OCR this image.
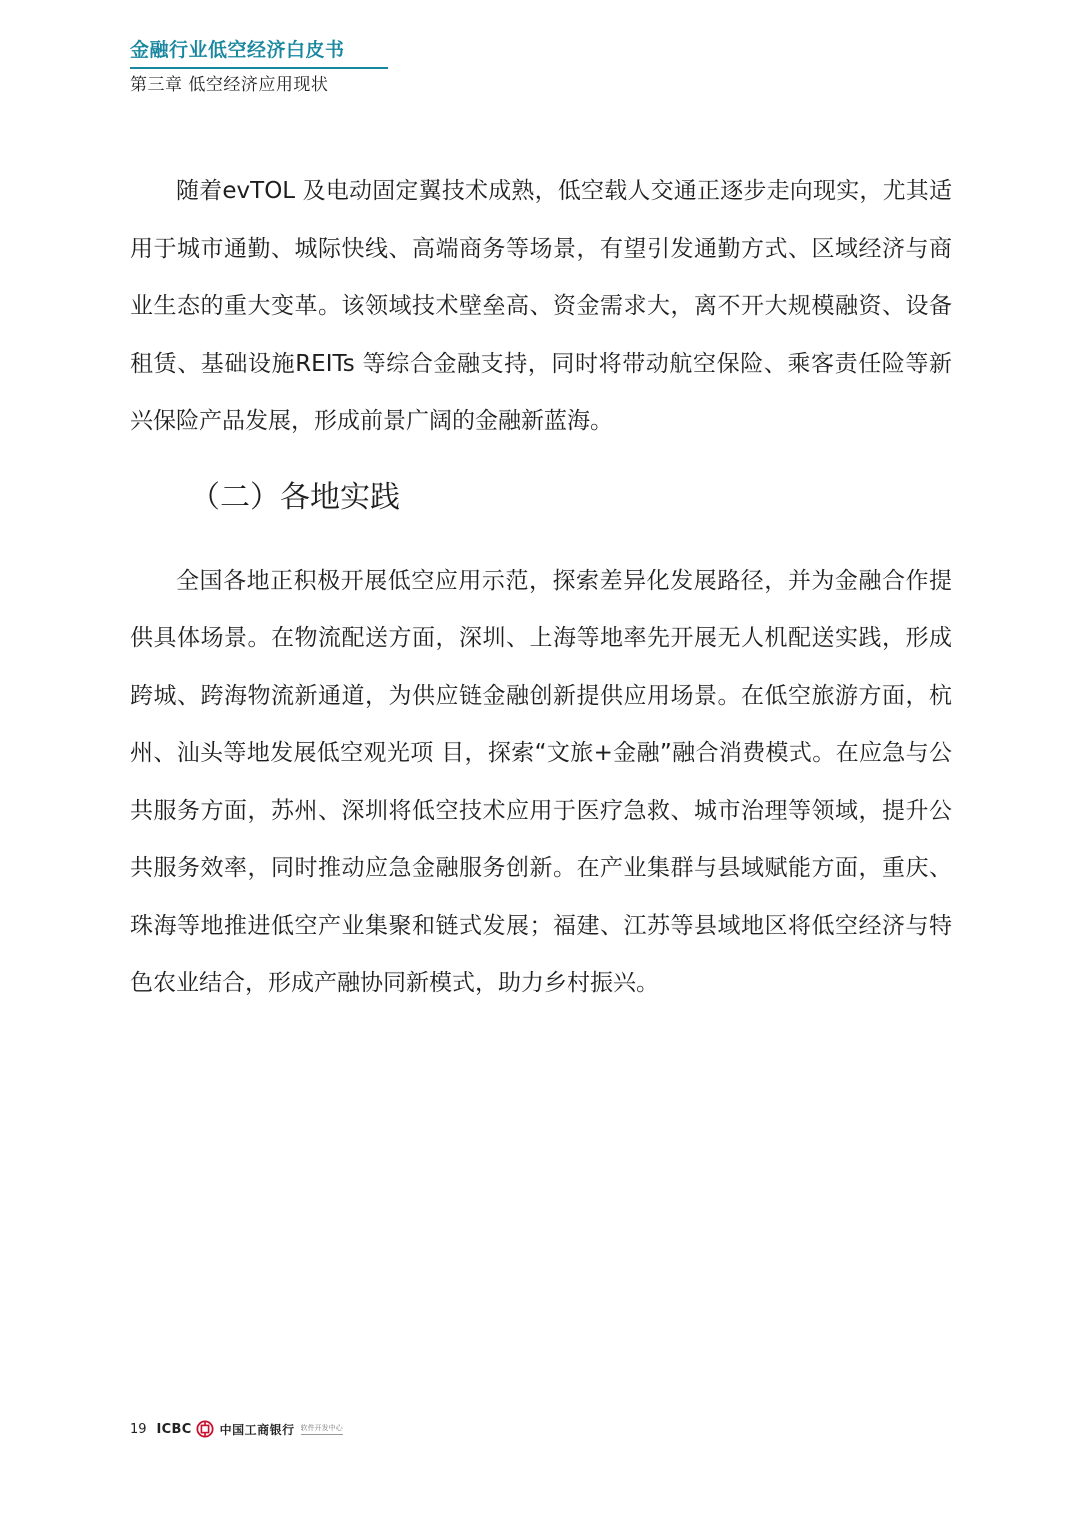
金融行业低空经济白皮书
第三章 低空经济应用现状

随着evTOL 及电动固定翼技术成熟，低空载人交通正逐步走向现实，尤其适用于城市通勤、城际快线、高端商务等场景，有望引发通勤方式、区域经济与商业生态的重大变革。该领域技术壁垒高、资金需求大，离不开大规模融资、设备租赁、基础设施REITs 等综合金融支持，同时将带动航空保险、乘客责任险等新兴保险产品发展，形成前景广阔的金融新蓝海。

（二）各地实践

全国各地正积极开展低空应用示范，探索差异化发展路径，并为金融合作提供具体场景。在物流配送方面，深圳、上海等地率先开展无人机配送实践，形成跨城、跨海物流新通道，为供应链金融创新提供应用场景。在低空旅游方面，杭州、汕头等地发展低空观光项 目，探索“文旅+金融”融合消费模式。在应急与公共服务方面，苏州、深圳将低空技术应用于医疗急救、城市治理等领域，提升公共服务效率，同时推动应急金融服务创新。在产业集群与县域赋能方面，重庆、珠海等地推进低空产业集聚和链式发展；福建、江苏等县域地区将低空经济与特色农业结合，形成产融协同新模式，助力乡村振兴。

19 ICBC 中国工商银行 软件开发中心
